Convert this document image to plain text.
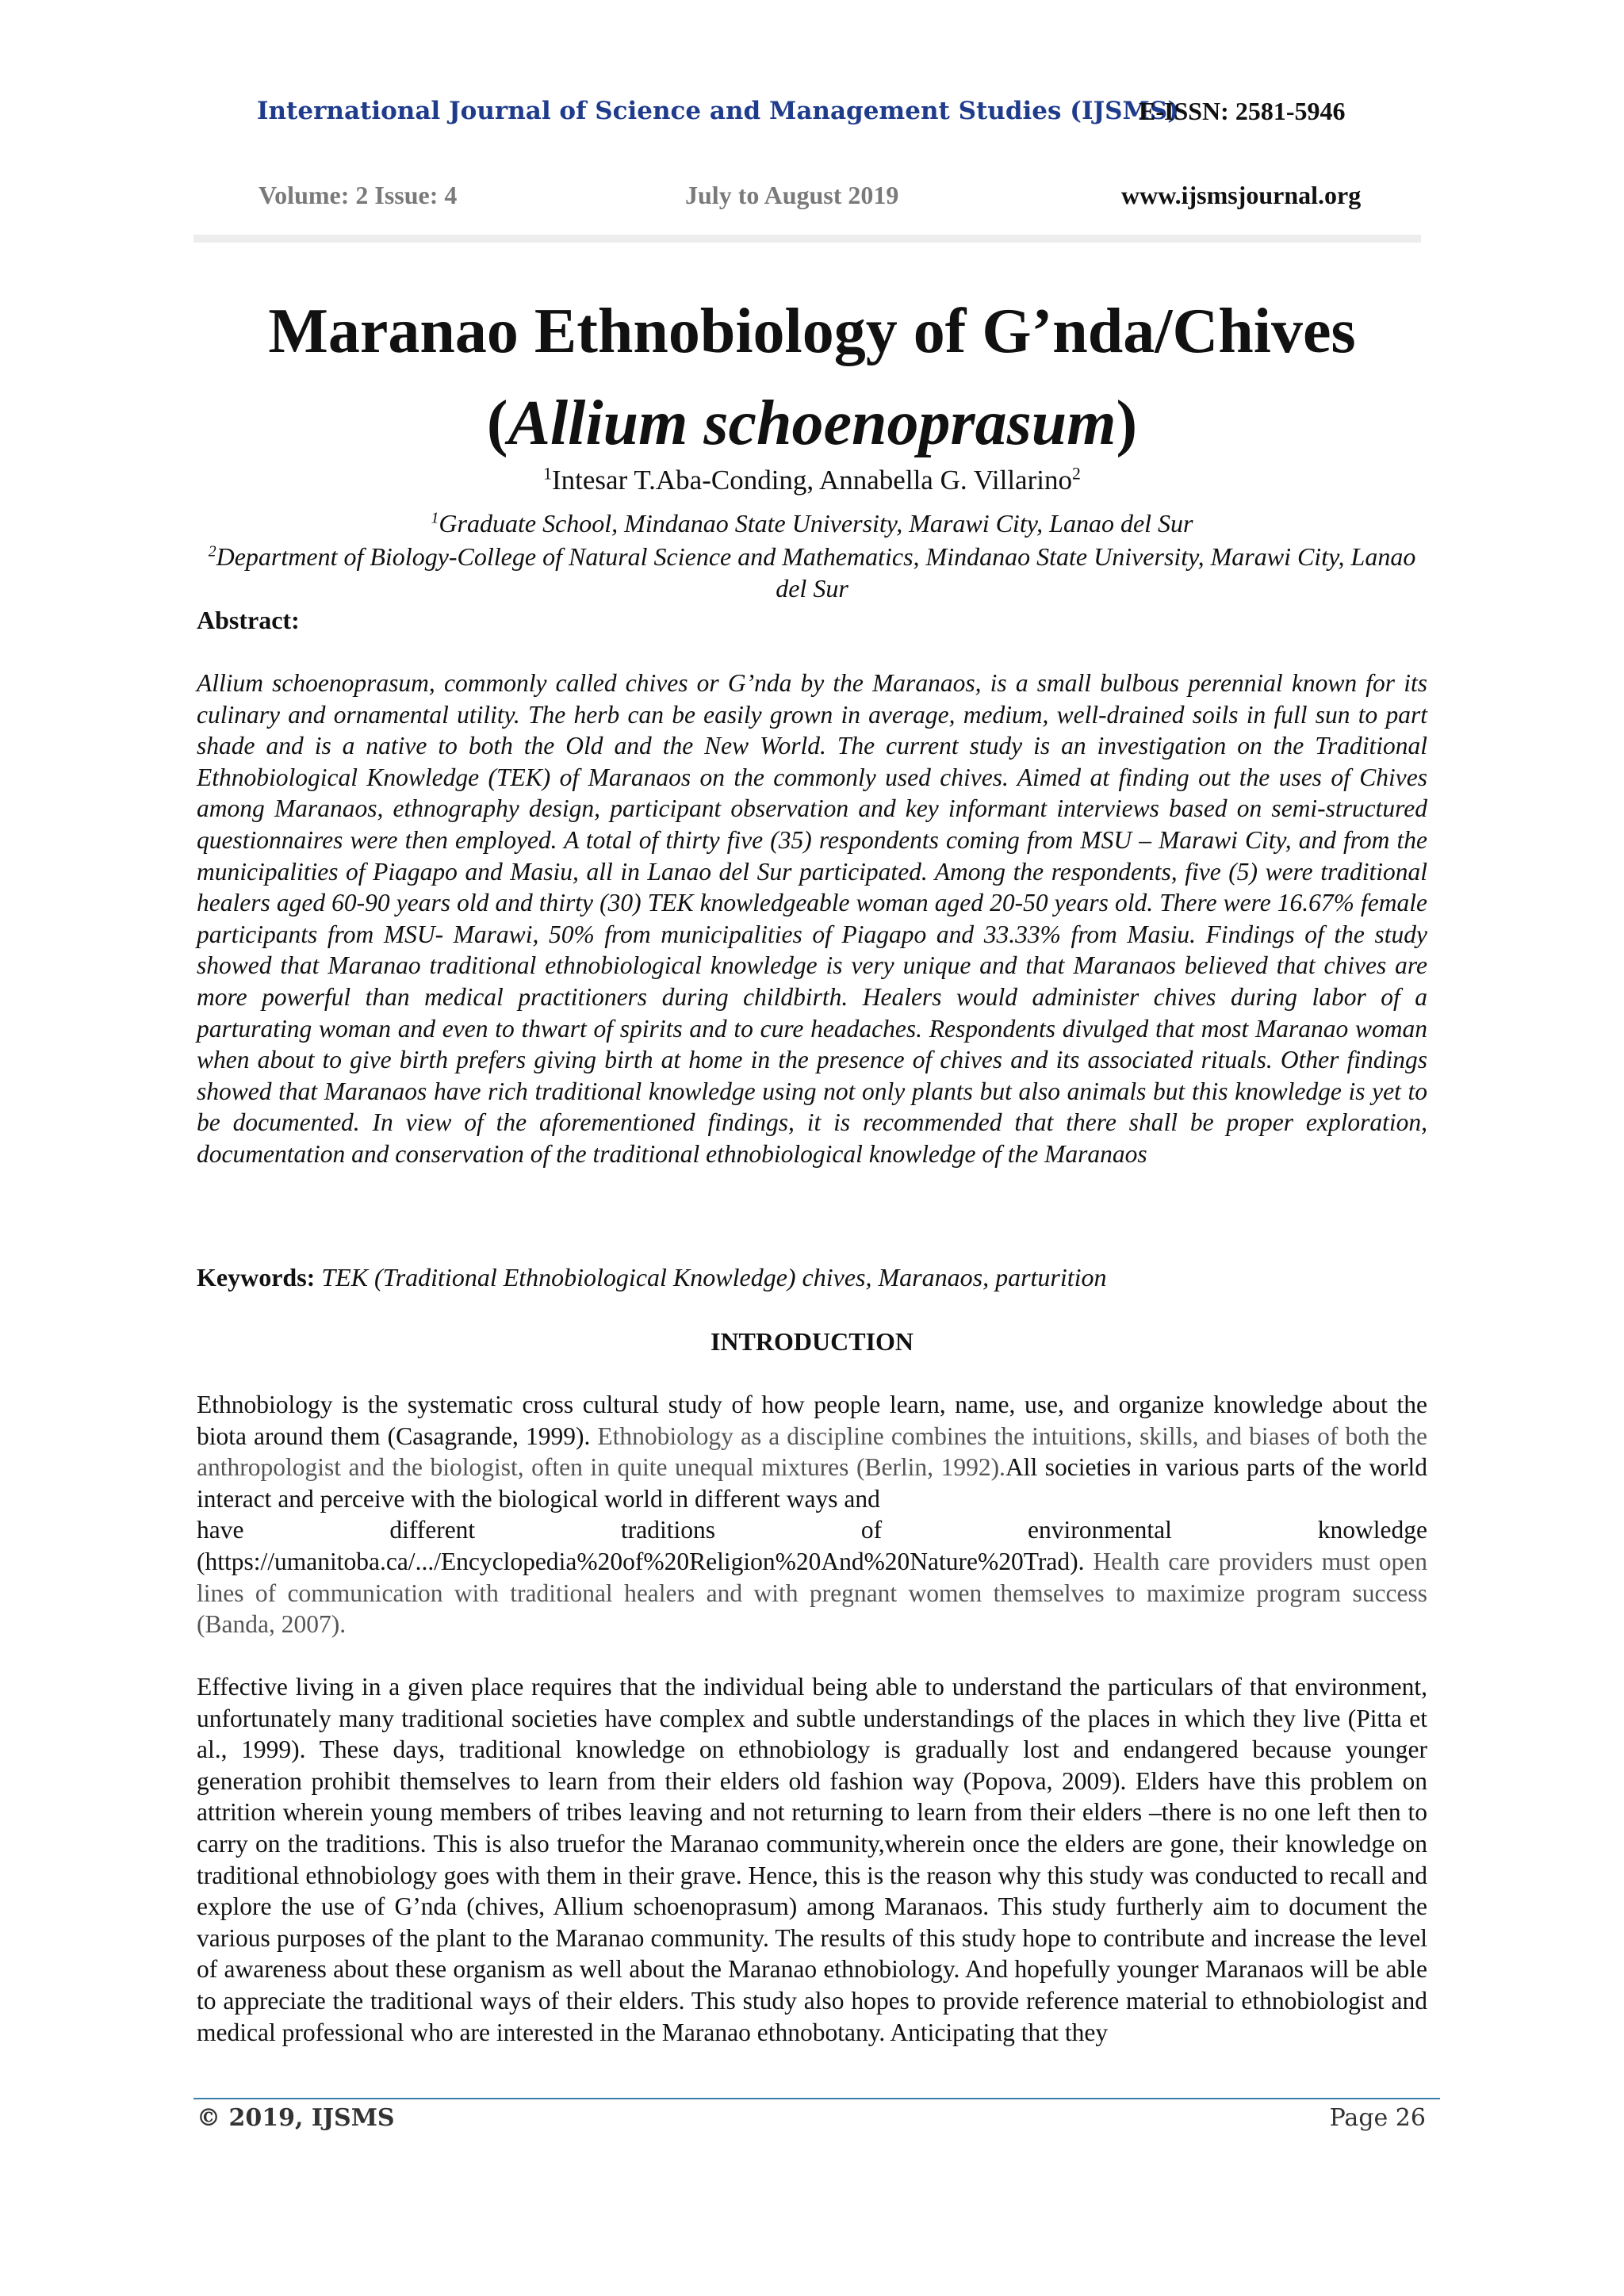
International Journal of Science and Management Studies (IJSMS)
E-ISSN: 2581-5946
Volume: 2 Issue: 4	July to August 2019	www.ijsmsjournal.org
Maranao Ethnobiology of G’nda/Chives
(Allium schoenoprasum)
$^1$Intesar T.Aba-Conding, Annabella G. Villarino$^2$
$^1$Graduate School, Mindanao State University, Marawi City, Lanao del Sur
$^2$Department of Biology-College of Natural Science and Mathematics, Mindanao State University, Marawi City, Lanao del Sur
Abstract:

Allium schoenoprasum, commonly called chives or G’nda by the Maranaos, is a small bulbous perennial known for its culinary and ornamental utility. The herb can be easily grown in average, medium, well-drained soils in full sun to part shade and is a native to both the Old and the New World. The current study is an investigation on the Traditional Ethnobiological Knowledge (TEK) of Maranaos on the commonly used chives. Aimed at finding out the uses of Chives among Maranaos, ethnography design, participant observation and key informant interviews based on semi-structured questionnaires were then employed. A total of thirty five (35) respondents coming from MSU – Marawi City, and from the municipalities of Piagapo and Masiu, all in Lanao del Sur participated. Among the respondents, five (5) were traditional healers aged 60-90 years old and thirty (30) TEK knowledgeable woman aged 20-50 years old. There were 16.67% female participants from MSU- Marawi, 50% from municipalities of Piagapo and 33.33% from Masiu. Findings of the study showed that Maranao traditional ethnobiological knowledge is very unique and that Maranaos believed that chives are more powerful than medical practitioners during childbirth. Healers would administer chives during labor of a parturating woman and even to thwart of spirits and to cure headaches. Respondents divulged that most Maranao woman when about to give birth prefers giving birth at home in the presence of chives and its associated rituals. Other findings showed that Maranaos have rich traditional knowledge using not only plants but also animals but this knowledge is yet to be documented. In view of the aforementioned findings, it is recommended that there shall be proper exploration, documentation and conservation of the traditional ethnobiological knowledge of the Maranaos

Keywords: TEK (Traditional Ethnobiological Knowledge) chives, Maranaos, parturition

INTRODUCTION
Ethnobiology is the systematic cross cultural study of how people learn, name, use, and organize knowledge about the biota around them (Casagrande, 1999). Ethnobiology as a discipline combines the intuitions, skills, and biases of both the anthropologist and the biologist, often in quite unequal mixtures (Berlin, 1992).All societies in various parts of the world interact and perceive with the biological world in different ways and
have	different	traditions	of	environmental	knowledge
(https://umanitoba.ca/.../Encyclopedia%20of%20Religion%20And%20Nature%20Trad). Health care providers must open lines of communication with traditional healers and with pregnant women themselves to maximize program success (Banda, 2007).

Effective living in a given place requires that the individual being able to understand the particulars of that environment, unfortunately many traditional societies have complex and subtle understandings of the places in which they live (Pitta et al., 1999). These days, traditional knowledge on ethnobiology is gradually lost and endangered because younger generation prohibit themselves to learn from their elders old fashion way (Popova, 2009). Elders have this problem on attrition wherein young members of tribes leaving and not returning to learn from their elders –there is no one left then to carry on the traditions. This is also truefor the Maranao community,wherein once the elders are gone, their knowledge on traditional ethnobiology goes with them in their grave. Hence, this is the reason why this study was conducted to recall and explore the use of G’nda (chives, Allium schoenoprasum) among Maranaos. This study furtherly aim to document the various purposes of the plant to the Maranao community. The results of this study hope to contribute and increase the level of awareness about these organism as well about the Maranao ethnobiology. And hopefully younger Maranaos will be able to appreciate the traditional ways of their elders. This study also hopes to provide reference material to ethnobiologist and medical professional who are interested in the Maranao ethnobotany. Anticipating that they

© 2019, IJSMS	Page 26
